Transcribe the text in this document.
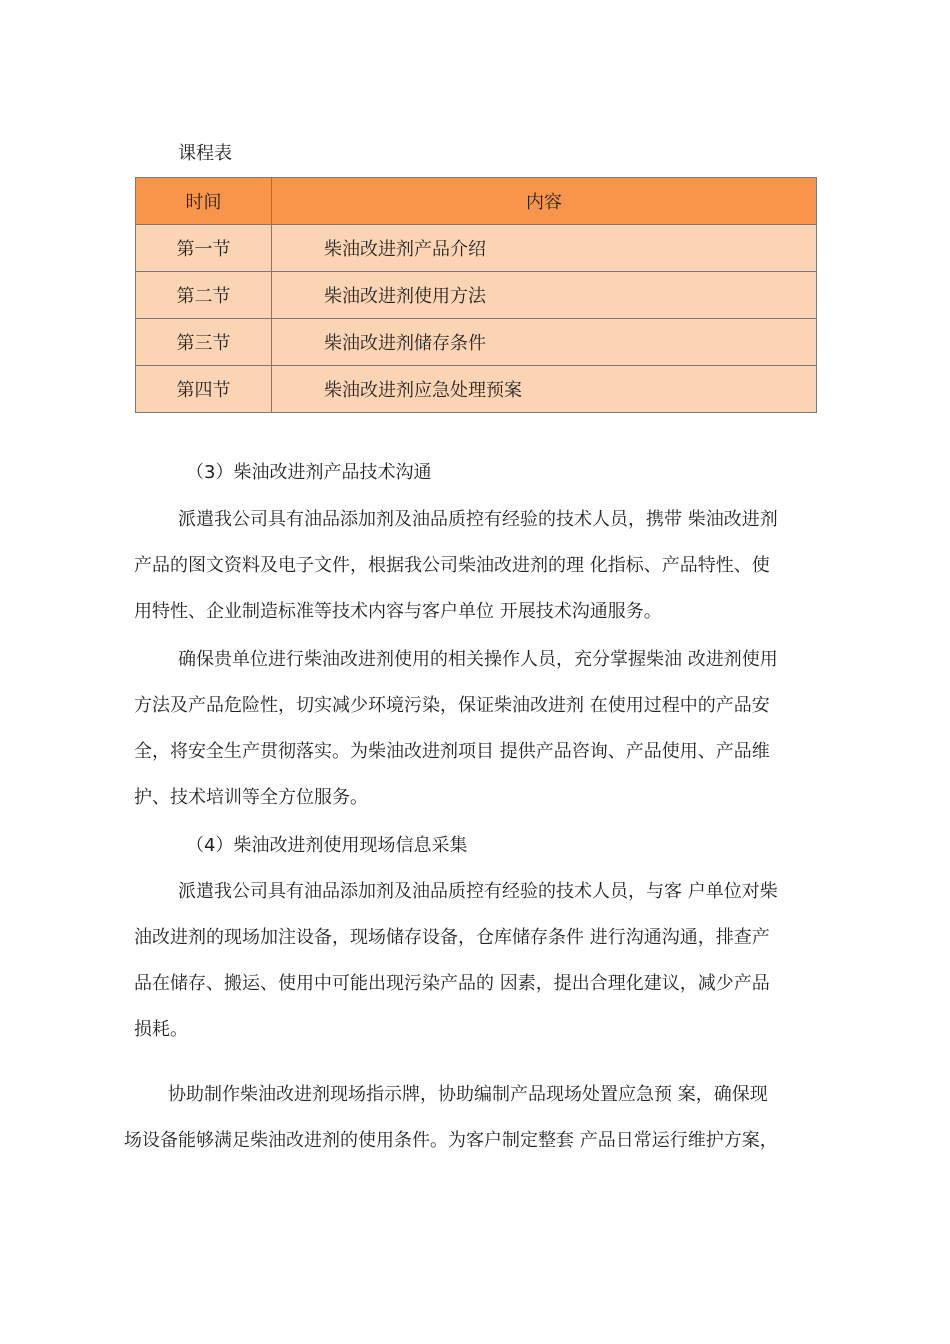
课程表
时间	内容
第一节	柴油改进剂产品介绍
第二节	柴油改进剂使用方法
第三节	柴油改进剂储存条件
第四节	柴油改进剂应急处理预案
（3）柴油改进剂产品技术沟通
派遣我公司具有油品添加剂及油品质控有经验的技术人员，携带 柴油改进剂
产品的图文资料及电子文件，根据我公司柴油改进剂的理 化指标、产品特性、使
用特性、企业制造标准等技术内容与客户单位 开展技术沟通服务。
确保贵单位进行柴油改进剂使用的相关操作人员，充分掌握柴油 改进剂使用
方法及产品危险性，切实减少环境污染，保证柴油改进剂 在使用过程中的产品安
全，将安全生产贯彻落实。为柴油改进剂项目 提供产品咨询、产品使用、产品维
护、技术培训等全方位服务。
（4）柴油改进剂使用现场信息采集
派遣我公司具有油品添加剂及油品质控有经验的技术人员，与客 户单位对柴
油改进剂的现场加注设备，现场储存设备，仓库储存条件 进行沟通沟通，排查产
品在储存、搬运、使用中可能出现污染产品的 因素，提出合理化建议，减少产品
损耗。
协助制作柴油改进剂现场指示牌，协助编制产品现场处置应急预 案，确保现
场设备能够满足柴油改进剂的使用条件。为客户制定整套 产品日常运行维护方案，
